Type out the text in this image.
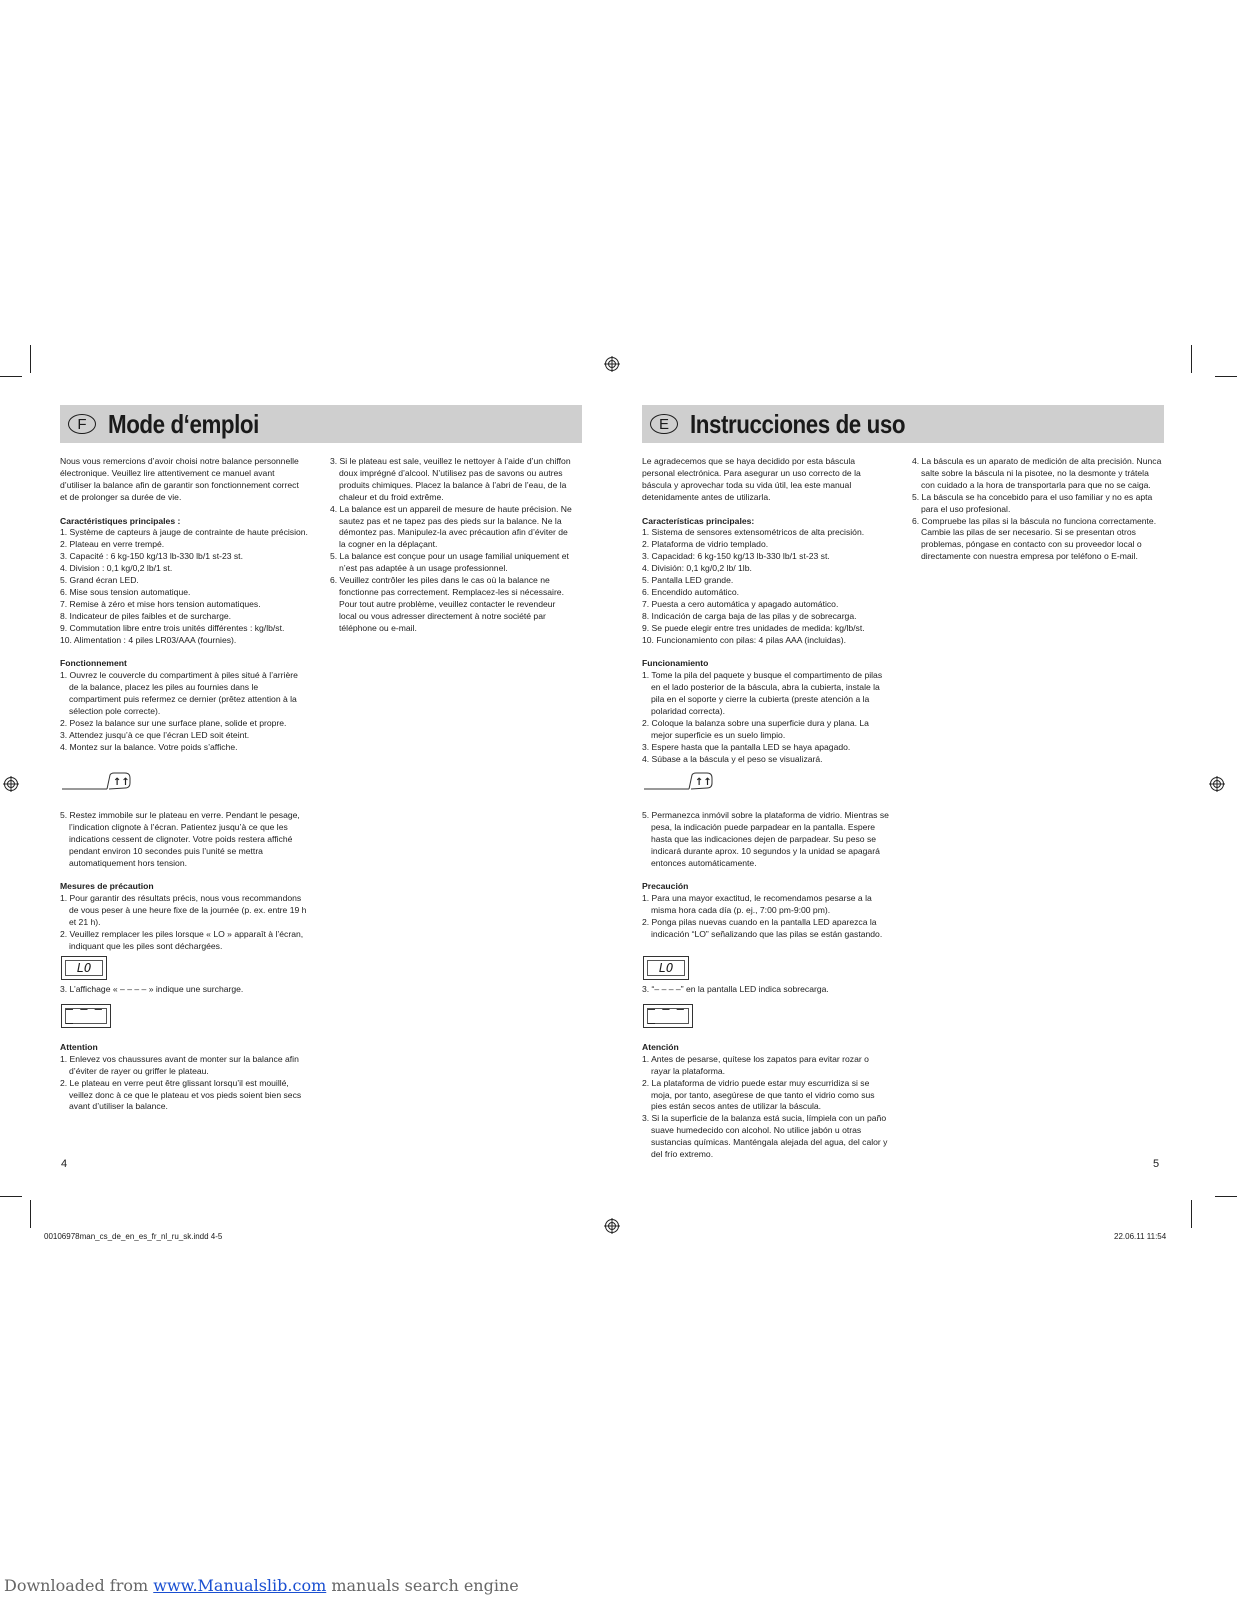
F Mode d‘emploi	E Instrucciones de uso

Nous vous remercions d’avoir choisi notre balance personnelle électronique. Veuillez lire attentivement ce manuel avant d’utiliser la balance afin de garantir son fonctionnement correct et de prolonger sa durée de vie.

Caractéristiques principales :

1. Système de capteurs à jauge de contrainte de haute précision.
2. Plateau en verre trempé.
3. Capacité : 6 kg-150 kg/13 lb-330 lb/1 st-23 st.
4. Division : 0,1 kg/0,2 lb/1 st.
5. Grand écran LED.
6. Mise sous tension automatique.
7. Remise à zéro et mise hors tension automatiques.
8. Indicateur de piles faibles et de surcharge.
9. Commutation libre entre trois unités différentes : kg/lb/st.
10. Alimentation : 4 piles LR03/AAA (fournies).

Fonctionnement

1. Ouvrez le couvercle du compartiment à piles situé à l’arrière de la balance, placez les piles au fournies dans le compartiment puis refermez ce dernier (prêtez attention à la sélection pole correcte).
2. Posez la balance sur une surface plane, solide et propre.
3. Attendez jusqu’à ce que l’écran LED soit éteint.
4. Montez sur la balance. Votre poids s’affiche.
↑↑
5. Restez immobile sur le plateau en verre. Pendant le pesage, l’indication clignote à l’écran. Patientez jusqu’à ce que les indications cessent de clignoter. Votre poids restera affiché pendant environ 10 secondes puis l’unité se mettra automatiquement hors tension.

Mesures de précaution

1. Pour garantir des résultats précis, nous vous recommandons de vous peser à une heure fixe de la journée (p. ex. entre 19 h et 21 h).
2. Veuillez remplacer les piles lorsque « LO » apparaît à l’écran, indiquant que les piles sont déchargées.
LO

3. L’affichage « – – – – » indique une surcharge.

– – – –

Attention

1. Enlevez vos chaussures avant de monter sur la balance afin d’éviter de rayer ou griffer le plateau.
2. Le plateau en verre peut être glissant lorsqu’il est mouillé, veillez donc à ce que le plateau et vos pieds soient bien secs avant d’utiliser la balance.
3. Si le plateau est sale, veuillez le nettoyer à l’aide d’un chiffon doux imprégné d’alcool. N’utilisez pas de savons ou autres produits chimiques. Placez la balance à l’abri de l’eau, de la chaleur et du froid extrême.
4. La balance est un appareil de mesure de haute précision. Ne sautez pas et ne tapez pas des pieds sur la balance. Ne la démontez pas. Manipulez-la avec précaution afin d’éviter de la cogner en la déplaçant.
5. La balance est conçue pour un usage familial uniquement et n’est pas adaptée à un usage professionnel.
6. Veuillez contrôler les piles dans le cas où la balance ne fonctionne pas correctement. Remplacez-les si nécessaire. Pour tout autre problème, veuillez contacter le revendeur local ou vous adresser directement à notre société par téléphone ou e-mail.
4

Le agradecemos que se haya decidido por esta báscula personal electrónica. Para asegurar un uso correcto de la báscula y aprovechar toda su vida útil, lea este manual detenidamente antes de utilizarla.

Características principales:

1. Sistema de sensores extensométricos de alta precisión.
2. Plataforma de vidrio templado.
3. Capacidad: 6 kg-150 kg/13 lb-330 lb/1 st-23 st.
4. División: 0,1 kg/0,2 lb/ 1lb.
5. Pantalla LED grande.
6. Encendido automático.
7. Puesta a cero automática y apagado automático.
8. Indicación de carga baja de las pilas y de sobrecarga.
9. Se puede elegir entre tres unidades de medida: kg/lb/st.
10. Funcionamiento con pilas: 4 pilas AAA (incluidas).

Funcionamiento

1. Tome la pila del paquete y busque el compartimento de pilas en el lado posterior de la báscula, abra la cubierta, instale la pila en el soporte y cierre la cubierta (preste atención a la polaridad correcta).
2. Coloque la balanza sobre una superficie dura y plana. La mejor superficie es un suelo limpio.
3. Espere hasta que la pantalla LED se haya apagado.
4. Súbase a la báscula y el peso se visualizará.
↑↑
5. Permanezca inmóvil sobre la plataforma de vidrio. Mientras se pesa, la indicación puede parpadear en la pantalla. Espere hasta que las indicaciones dejen de parpadear. Su peso se indicará durante aprox. 10 segundos y la unidad se apagará entonces automáticamente.

Precaución

1. Para una mayor exactitud, le recomendamos pesarse a la misma hora cada día (p. ej., 7:00 pm-9:00 pm).
2. Ponga pilas nuevas cuando en la pantalla LED aparezca la indicación “LO” señalizando que las pilas se están gastando.
LO

3. “– – – –” en la pantalla LED indica sobrecarga.

– – – –

Atención

1. Antes de pesarse, quítese los zapatos para evitar rozar o rayar la plataforma.
2. La plataforma de vidrio puede estar muy escurridiza si se moja, por tanto, asegúrese de que tanto el vidrio como sus pies están secos antes de utilizar la báscula.
3. Si la superficie de la balanza está sucia, límpiela con un paño suave humedecido con alcohol. No utilice jabón u otras sustancias químicas. Manténgala alejada del agua, del calor y del frío extremo.
4. La báscula es un aparato de medición de alta precisión. Nunca salte sobre la báscula ni la pisotee, no la desmonte y trátela con cuidado a la hora de transportarla para que no se caiga.
5. La báscula se ha concebido para el uso familiar y no es apta para el uso profesional.
6. Compruebe las pilas si la báscula no funciona correctamente. Cambie las pilas de ser necesario. Si se presentan otros problemas, póngase en contacto con su proveedor local o directamente con nuestra empresa por teléfono o E-mail.
5
00106978man_cs_de_en_es_fr_nl_ru_sk.indd 4-5	22.06.11 11:54
Downloaded from www.Manualslib.com manuals search engine
